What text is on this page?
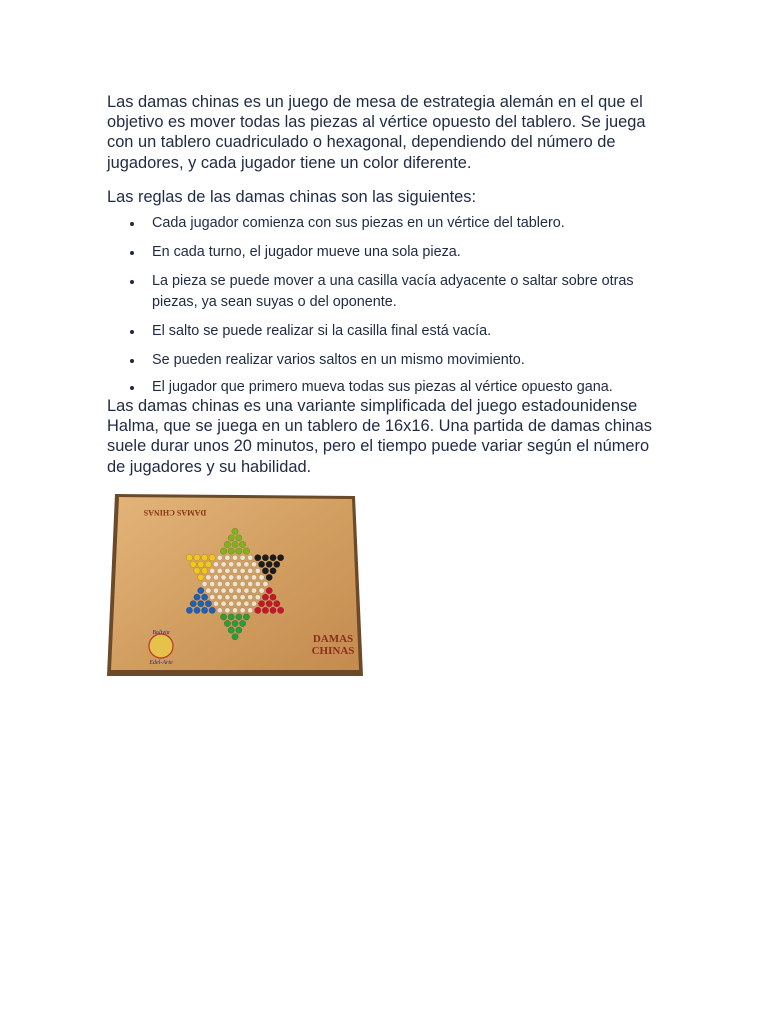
Las damas chinas es un juego de mesa de estrategia alemán en el que el objetivo es mover todas las piezas al vértice opuesto del tablero. Se juega con un tablero cuadriculado o hexagonal, dependiendo del número de jugadores, y cada jugador tiene un color diferente.

Las reglas de las damas chinas son las siguientes:

Cada jugador comienza con sus piezas en un vértice del tablero.
En cada turno, el jugador mueve una sola pieza.
La pieza se puede mover a una casilla vacía adyacente o saltar sobre otras piezas, ya sean suyas o del oponente.
El salto se puede realizar si la casilla final está vacía.
Se pueden realizar varios saltos en un mismo movimiento.
El jugador que primero mueva todas sus piezas al vértice opuesto gana.

Las damas chinas es una variante simplificada del juego estadounidense Halma, que se juega en un tablero de 16x16. Una partida de damas chinas suele durar unos 20 minutos, pero el tiempo puede variar según el número de jugadores y su habilidad.

DAMAS CHINAS
DAMAS
CHINAS
Bolivia
Edel-Arte
